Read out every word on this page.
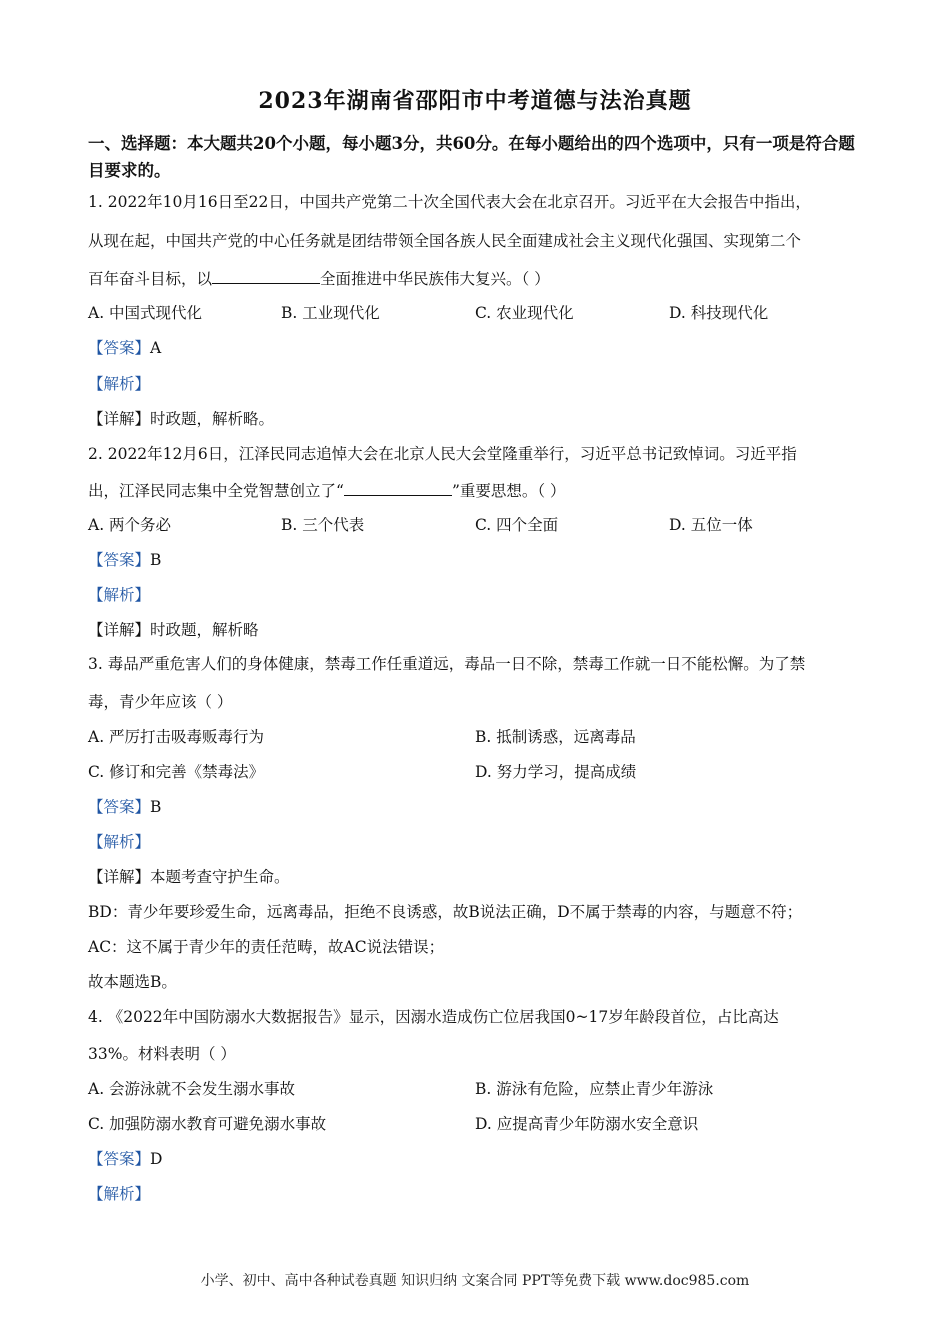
2023年湖南省邵阳市中考道德与法治真题
一、选择题：本大题共20个小题，每小题3分，共60分。在每小题给出的四个选项中，只有一项是符合题目要求的。
1. 2022年10月16日至22日，中国共产党第二十次全国代表大会在北京召开。习近平在大会报告中指出，
从现在起，中国共产党的中心任务就是团结带领全国各族人民全面建成社会主义现代化强国、实现第二个
百年奋斗目标，以	全面推进中华民族伟大复兴。（ ）
A. 中国式现代化	B. 工业现代化	C. 农业现代化	D. 科技现代化
【答案】A
【解析】
【详解】时政题，解析略。
2. 2022年12月6日，江泽民同志追悼大会在北京人民大会堂隆重举行，习近平总书记致悼词。习近平指
出，江泽民同志集中全党智慧创立了“	”重要思想。（ ）
A. 两个务必	B. 三个代表	C. 四个全面	D. 五位一体
【答案】B
【解析】
【详解】时政题，解析略
3. 毒品严重危害人们的身体健康，禁毒工作任重道远，毒品一日不除，禁毒工作就一日不能松懈。为了禁
毒，青少年应该（ ）
A. 严厉打击吸毒贩毒行为	B. 抵制诱惑，远离毒品
C. 修订和完善《禁毒法》	D. 努力学习，提高成绩
【答案】B
【解析】
【详解】本题考查守护生命。
BD：青少年要珍爱生命，远离毒品，拒绝不良诱惑，故B说法正确，D不属于禁毒的内容，与题意不符；
AC：这不属于青少年的责任范畴，故AC说法错误；
故本题选B。
4. 《2022年中国防溺水大数据报告》显示，因溺水造成伤亡位居我国0~17岁年龄段首位，占比高达
33%。材料表明（ ）
A. 会游泳就不会发生溺水事故	B. 游泳有危险，应禁止青少年游泳
C. 加强防溺水教育可避免溺水事故	D. 应提高青少年防溺水安全意识
【答案】D
【解析】
小学、初中、高中各种试卷真题 知识归纳 文案合同 PPT等免费下载 www.doc985.com
